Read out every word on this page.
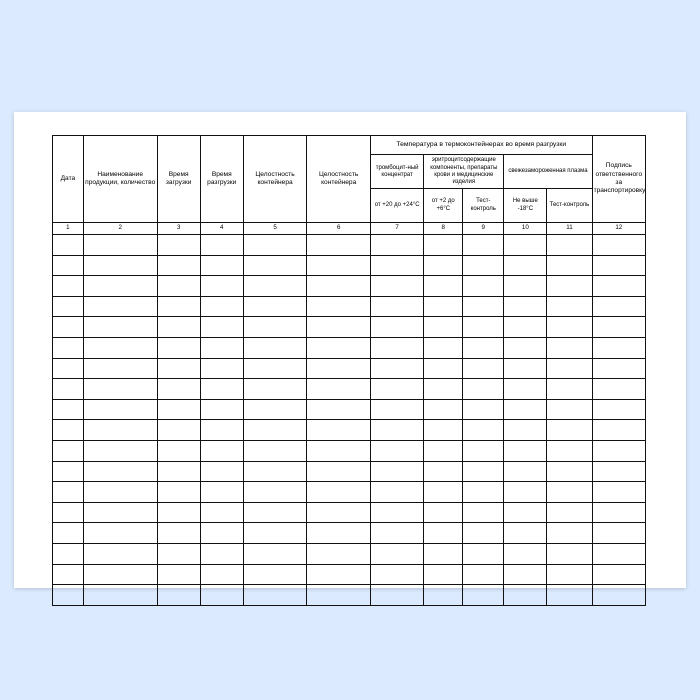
Дата	Наименование продукции, количество	Время загрузки	Время разгрузки	Целостность контейнера	Целостность контейнера	Температура в термоконтейнерах во время разгрузки					Подпись ответственного за транспортировку
						тромбоцит-ный концентрат	эритроцитсодержащие компоненты, препараты крови и медицинские изделия		свежезамороженная плазма		
						от +20 до +24°C	от +2 до +6°C	Тест-контроль	Не выше -18°C	Тест-контроль	
1	2	3	4	5	6	7	8	9	10	11	12
